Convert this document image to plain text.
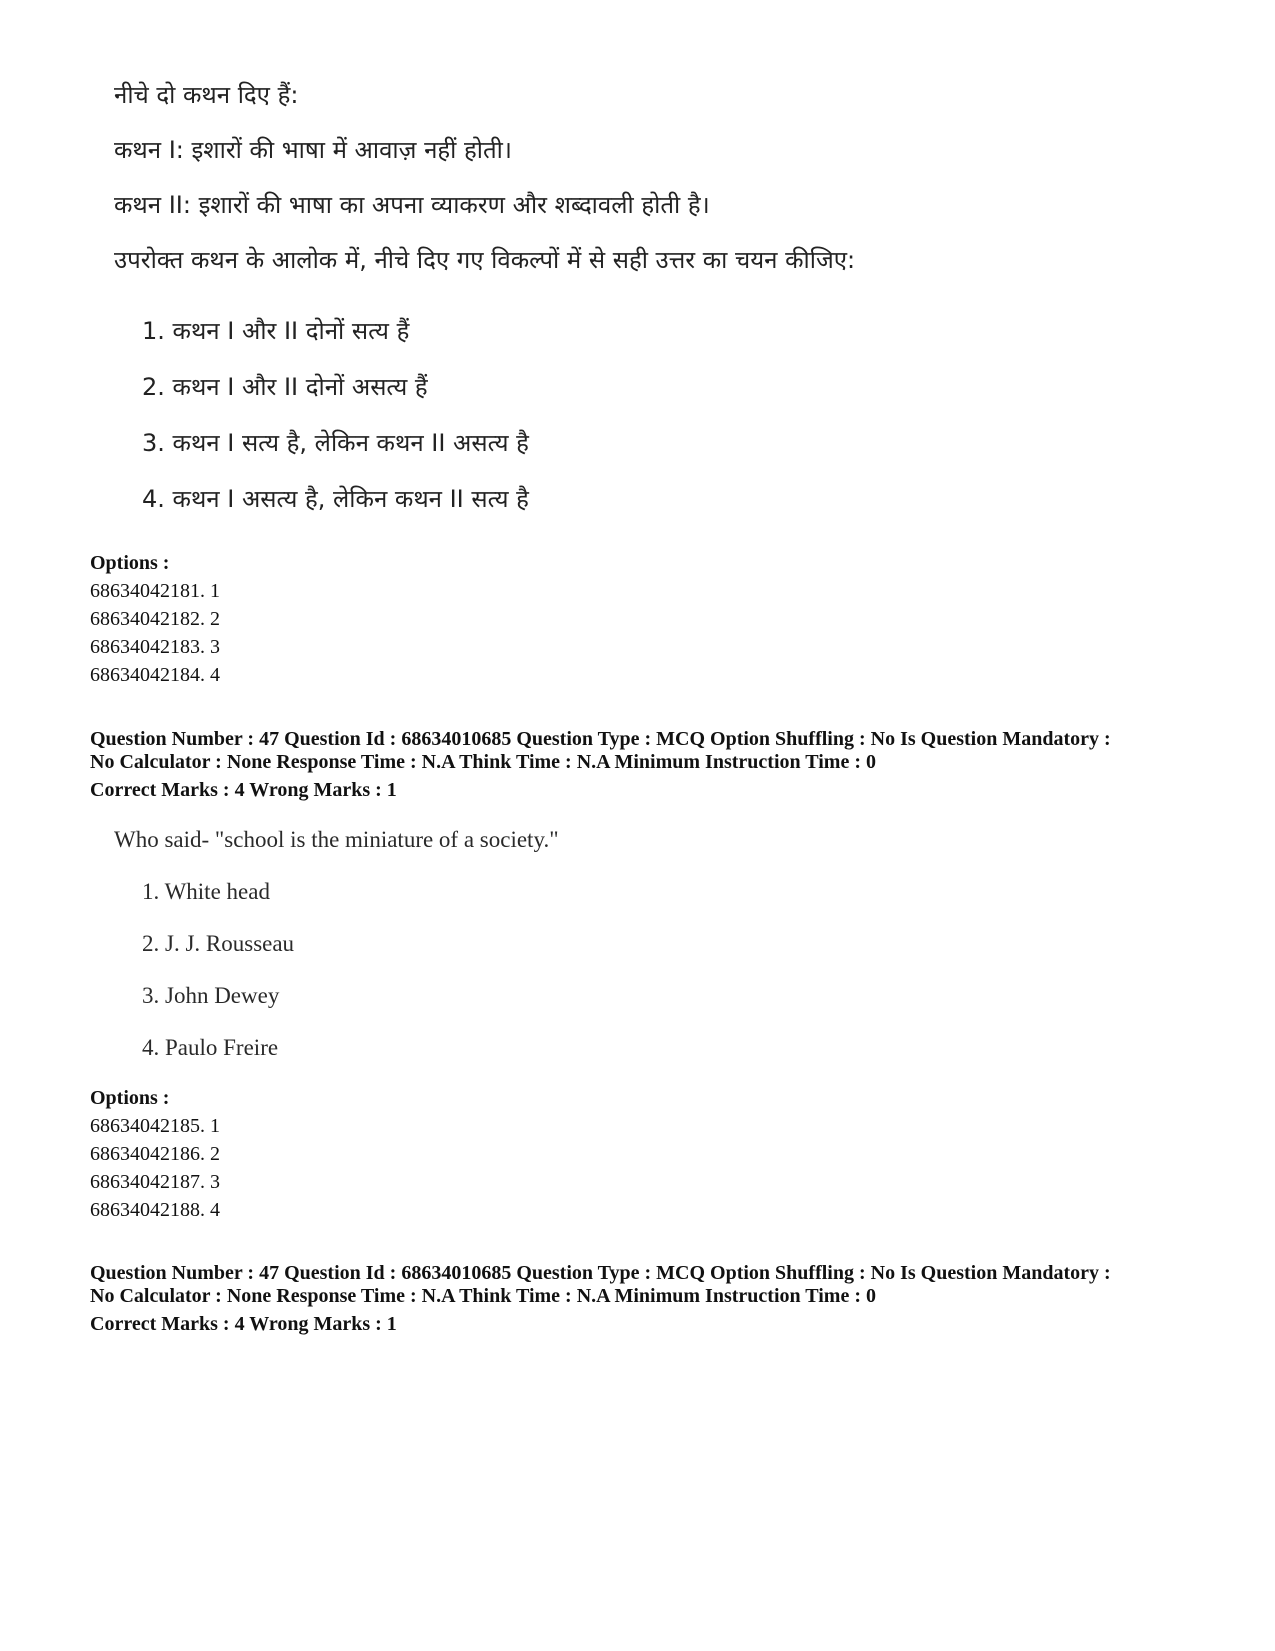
नीचे दो कथन दिए हैं:
कथन I: इशारों की भाषा में आवाज़ नहीं होती।
कथन II: इशारों की भाषा का अपना व्याकरण और शब्दावली होती है।
उपरोक्त कथन के आलोक में, नीचे दिए गए विकल्पों में से सही उत्तर का चयन कीजिए:
1. कथन I और II दोनों सत्य हैं
2. कथन I और II दोनों असत्य हैं
3. कथन I सत्य है, लेकिन कथन II असत्य है
4. कथन I असत्य है, लेकिन कथन II सत्य है
Options :
68634042181. 1
68634042182. 2
68634042183. 3
68634042184. 4
Question Number : 47 Question Id : 68634010685 Question Type : MCQ Option Shuffling : No Is Question Mandatory :
No Calculator : None Response Time : N.A Think Time : N.A Minimum Instruction Time : 0
Correct Marks : 4 Wrong Marks : 1
Who said- "school is the miniature of a society."
1. White head
2. J. J. Rousseau
3. John Dewey
4. Paulo Freire
Options :
68634042185. 1
68634042186. 2
68634042187. 3
68634042188. 4
Question Number : 47 Question Id : 68634010685 Question Type : MCQ Option Shuffling : No Is Question Mandatory :
No Calculator : None Response Time : N.A Think Time : N.A Minimum Instruction Time : 0
Correct Marks : 4 Wrong Marks : 1
